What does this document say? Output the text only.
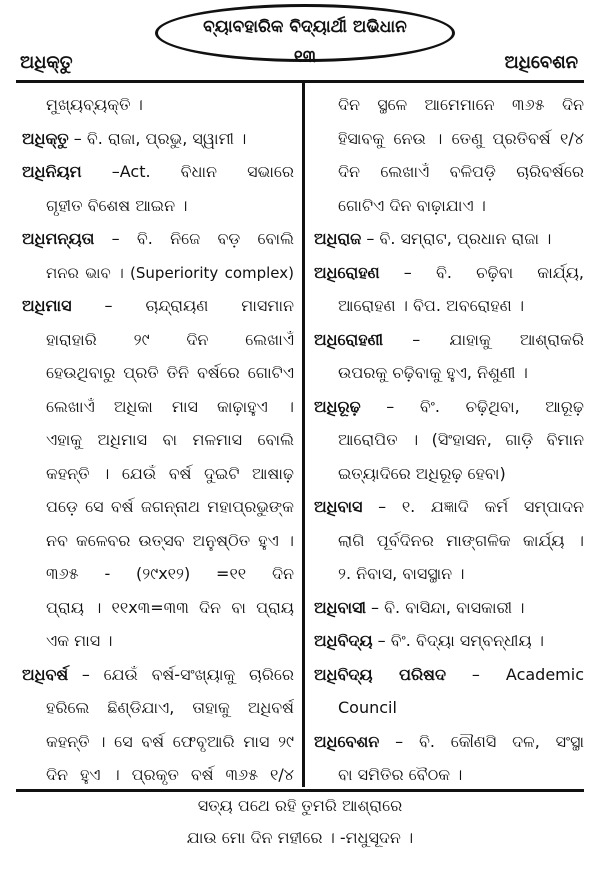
ବ୍ୟାବହାରିକ ବିଦ୍ୟାର୍ଥୀ ଅଭିଧାନ
୧୩
ଅଧିକ୍ତୁ	ଅଧିବେଶନ
ମୁଖ୍ୟବ୍ୟକ୍ତି ।
ଅଧିକ୍ତୁ – ବି. ରାଜା, ପ୍ରଭୁ, ସ୍ୱାମୀ ।
ଅଧିନିୟମ –Act. ବିଧାନ ସଭାରେ
ଗୃହୀତ ବିଶେଷ ଆଇନ ।
ଅଧିମନ୍ୟତା – ବି. ନିଜେ ବଡ଼ ବୋଲି
ମନର ଭାବ । (Superiority complex)
ଅଧିମାସ – ଚାନ୍ଦ୍ରାୟଣ ମାସମାନ
ହାରାହାରି ୨୯ ଦିନ ଲେଖାଏଁ
ହେଉଥିବାରୁ ପ୍ରତି ତିନି ବର୍ଷରେ ଗୋଟିଏ
ଲେଖାଏଁ ଅଧିକା ମାସ କାଢ଼ାହୁଏ ।
ଏହାକୁ ଅଧିମାସ ବା ମଳମାସ ବୋଲି
କହନ୍ତି । ଯେଉଁ ବର୍ଷ ଦୁଇଟି ଆଷାଢ଼
ପଡ଼େ ସେ ବର୍ଷ ଜଗନ୍ନାଥ ମହାପ୍ରଭୁଙ୍କ
ନବ କଳେବର ଉତ୍ସବ ଅନୁଷ୍ଠିତ ହୁଏ ।
୩୬୫ - (୨୯x୧୨) =୧୧ ଦିନ
ପ୍ରାୟ । ୧୧x୩=୩୩ ଦିନ ବା ପ୍ରାୟ
ଏକ ମାସ ।
ଅଧିବର୍ଷ – ଯେଉଁ ବର୍ଷ-ସଂଖ୍ୟାକୁ ଚାରିରେ
ହରିଲେ ଛିଣ୍ଡିଯାଏ, ତାହାକୁ ଅଧିବର୍ଷ
କହନ୍ତି । ସେ ବର୍ଷ ଫେବୃଆରି ମାସ ୨୯
ଦିନ ହୁଏ । ପ୍ରକୃତ ବର୍ଷ ୩୬୫ ୧/୪
ଦିନ ସ୍ଥଳେ ଆମେମାନେ ୩୬୫ ଦିନ
ହିସାବକୁ ନେଉ । ତେଣୁ ପ୍ରତିବର୍ଷ ୧/୪
ଦିନ ଲେଖାଏଁ ବଳିପଡ଼ି ଚାରିବର୍ଷରେ
ଗୋଟିଏ ଦିନ ବାଢ଼ାଯାଏ ।
ଅଧିରାଜ – ବି. ସମ୍ରାଟ, ପ୍ରଧାନ ରାଜା ।
ଅଧିରୋହଣ – ବି. ଚଢ଼ିବା କାର୍ଯ୍ୟ,
ଆରୋହଣ । ବିପ. ଅବରୋହଣ ।
ଅଧିରୋହଣୀ – ଯାହାକୁ ଆଶ୍ରାକରି
ଉପରକୁ ଚଢ଼ିବାକୁ ହୁଏ, ନିଶୁଣୀ ।
ଅଧିରୂଢ଼ – ବିଂ. ଚଢ଼ିଥିବା, ଆରୂଢ଼
ଆରୋପିତ । (ସିଂହାସନ, ଗାଡ଼ି ବିମାନ
ଇତ୍ୟାଦିରେ ଅଧିରୂଢ଼ ହେବା)
ଅଧିବାସ – ୧. ଯଜ୍ଞାଦି କର୍ମ ସମ୍ପାଦନ
ଲାଗି ପୂର୍ବଦିନର ମାଙ୍ଗଳିକ କାର୍ଯ୍ୟ ।
୨. ନିବାସ, ବାସସ୍ଥାନ ।
ଅଧିବାସୀ – ବି. ବାସିନ୍ଦା, ବାସକାରୀ ।
ଅଧିବିଦ୍ୟ – ବିଂ. ବିଦ୍ୟା ସମ୍ବନ୍ଧୀୟ ।
ଅଧିବିଦ୍ୟ ପରିଷଦ – Academic
Council
ଅଧିବେଶନ – ବି. କୌଣସି ଦଳ, ସଂସ୍ଥା
ବା ସମିତିର ବୈଠକ ।
ସତ୍ୟ ପଥେ ରହି ତୁମରି ଆଶ୍ରାରେ
ଯାଉ ମୋ ଦିନ ମହୀରେ । -ମଧୁସୂଦନ ।
